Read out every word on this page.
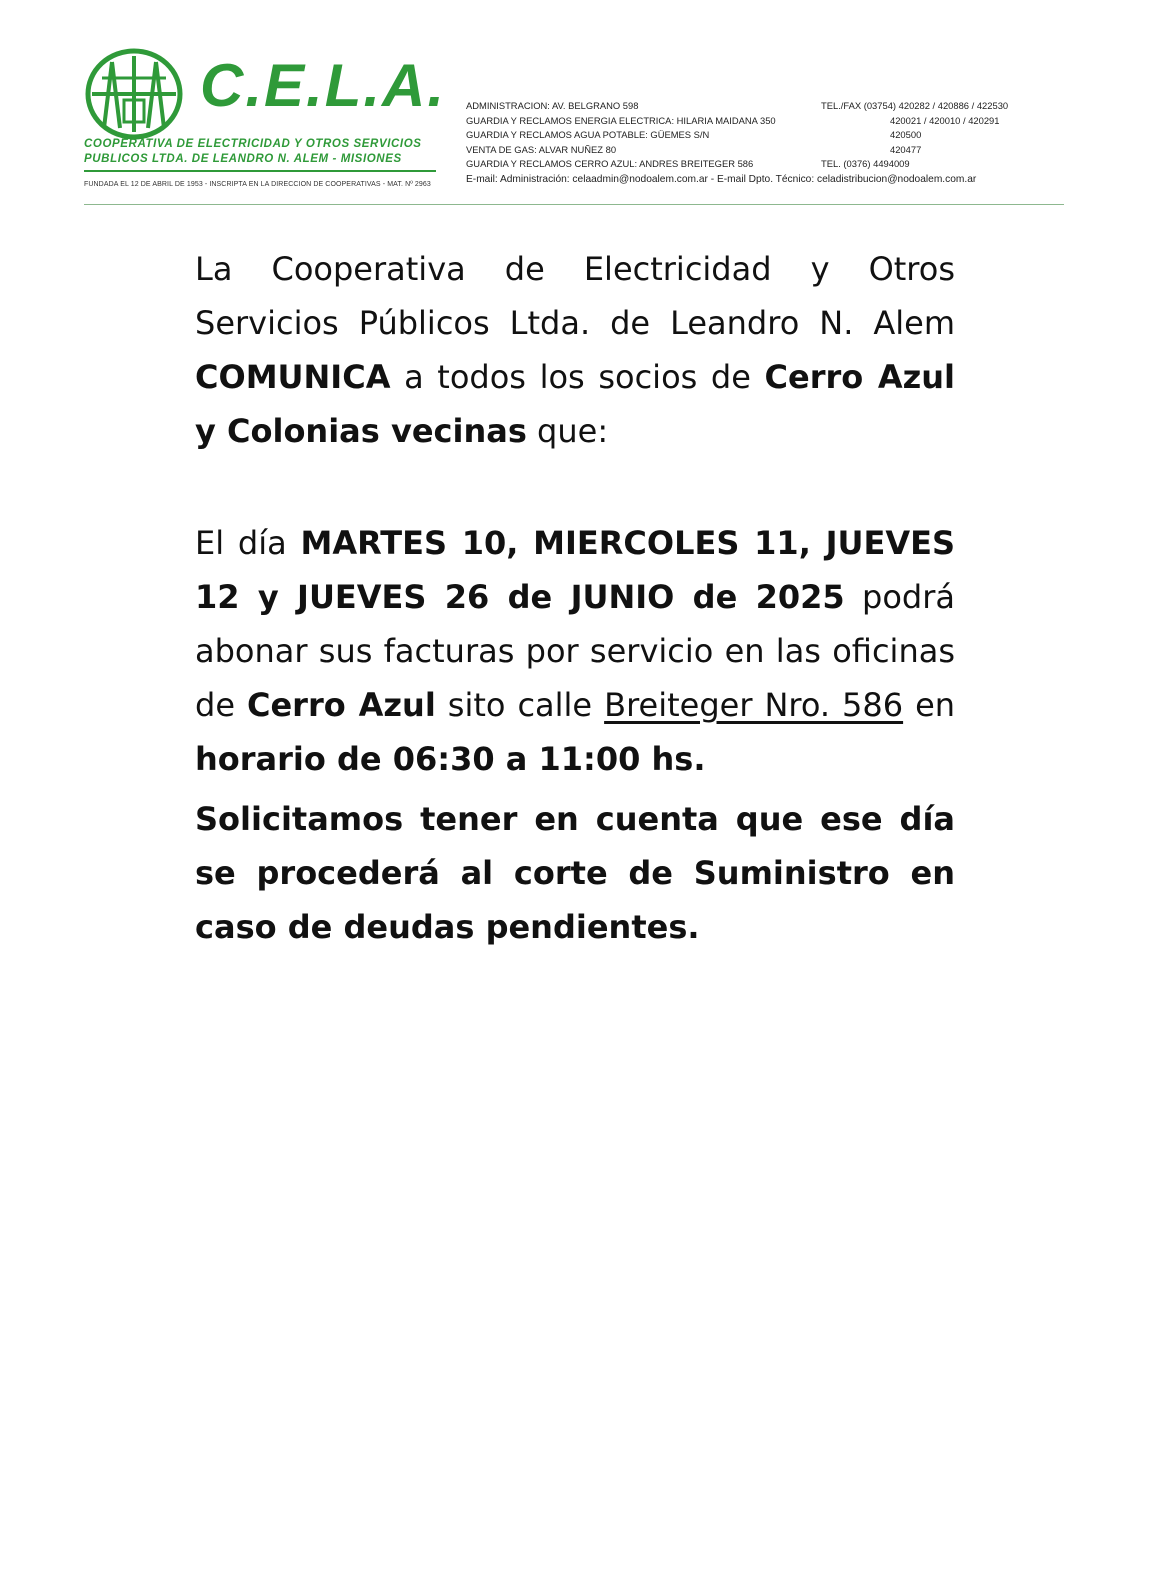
C.E.L.A.
COOPERATIVA DE ELECTRICIDAD Y OTROS SERVICIOS
PUBLICOS LTDA. DE LEANDRO N. ALEM - MISIONES
FUNDADA EL 12 DE ABRIL DE 1953 - INSCRIPTA EN LA DIRECCION DE COOPERATIVAS - MAT. Nº 2963
ADMINISTRACION: AV. BELGRANO 598	TEL./FAX (03754) 420282 / 420886 / 422530
GUARDIA Y RECLAMOS ENERGIA ELECTRICA: HILARIA MAIDANA 350	420021 / 420010 / 420291
GUARDIA Y RECLAMOS AGUA POTABLE: GÜEMES S/N	420500
VENTA DE GAS: ALVAR NUÑEZ 80	420477
GUARDIA Y RECLAMOS CERRO AZUL: ANDRES BREITEGER 586	TEL. (0376) 4494009
E-mail: Administración: celaadmin@nodoalem.com.ar - E-mail Dpto. Técnico: celadistribucion@nodoalem.com.ar

La Cooperativa de Electricidad y Otros Servicios Públicos Ltda. de Leandro N. Alem COMUNICA a todos los socios de Cerro Azul y Colonias vecinas que:

El día MARTES 10, MIERCOLES 11, JUEVES 12 y JUEVES 26 de JUNIO de 2025 podrá abonar sus facturas por servicio en las oficinas de Cerro Azul sito calle Breiteger Nro. 586 en horario de 06:30 a 11:00 hs.

Solicitamos tener en cuenta que ese día se procederá al corte de Suministro en caso de deudas pendientes.
